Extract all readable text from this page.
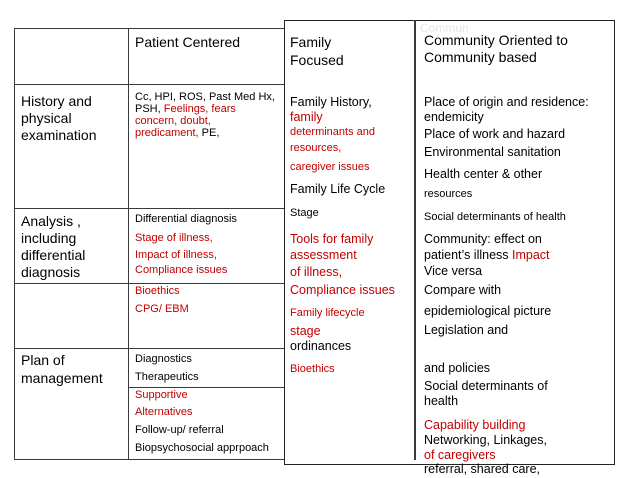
Commun
Patient Centered	Family
Focused
Community Oriented to
Community based
History and
physical
examination
Analysis ,
including
differential
diagnosis
Plan of
management
Cc, HPI, ROS, Past Med Hx,
PSH, Feelings, fears
concern, doubt,
predicament, PE,
Differential diagnosis
Stage of illness,
Impact of illness,
Compliance issues
Bioethics
CPG/ EBM
Diagnostics
Therapeutics
Supportive
Alternatives
Follow-up/ referral
Biopsychosocial apprpoach
Family History,
family
determinants and
resources,
caregiver issues
Family Life Cycle
Stage
Tools for family
assessment
of illness,
Compliance issues
Family lifecycle
stage
ordinances
Bioethics
Place of origin and residence:
endemicity
Place of work and hazard
Environmental sanitation
Health center & other
resources
Social determinants of health
Community: effect on
patient’s illness Impact
Vice versa
Compare with
epidemiological picture
Legislation and
and policies
Social determinants of
health
Capability building
Networking, Linkages,
of caregivers
referral, shared care,
